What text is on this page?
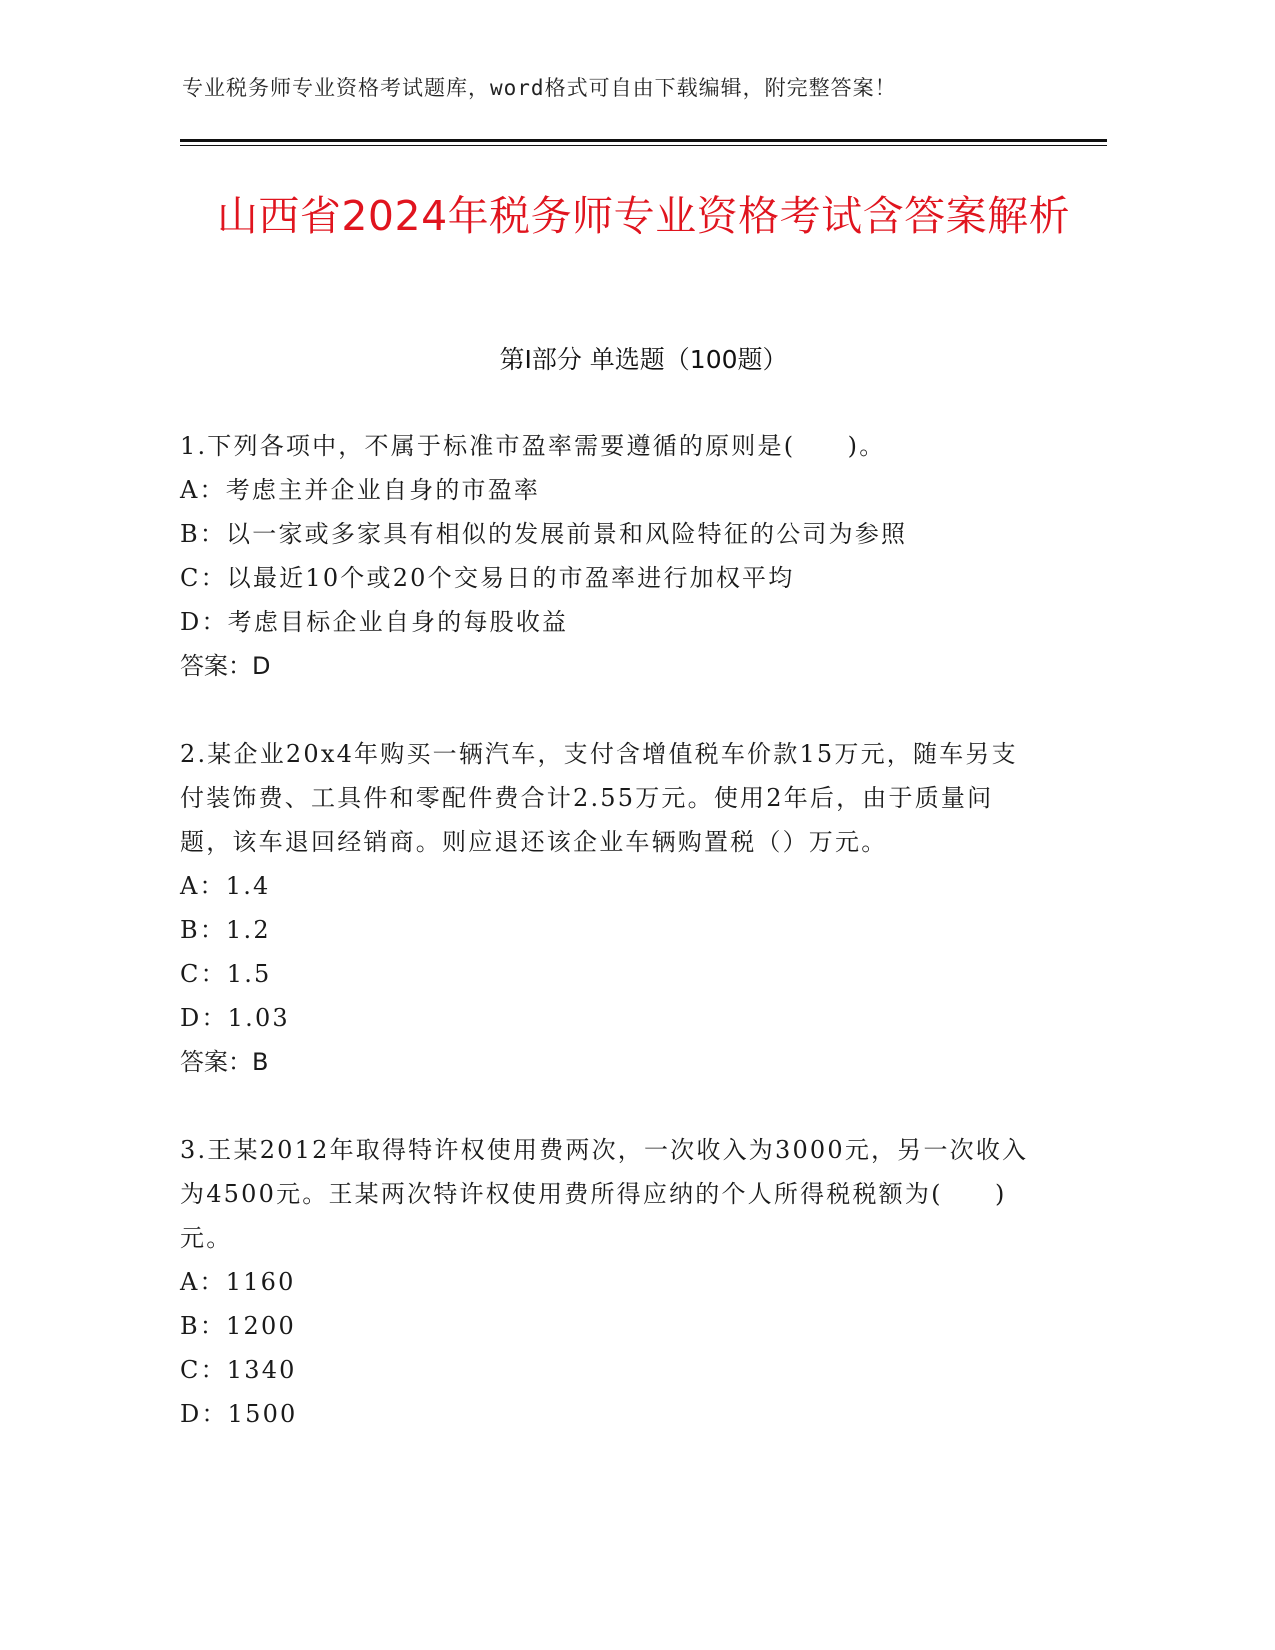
专业税务师专业资格考试题库，word格式可自由下载编辑，附完整答案！
山西省2024年税务师专业资格考试含答案解析
第Ⅰ部分 单选题（100题）

1.下列各项中，不属于标准市盈率需要遵循的原则是(　　)。

A：考虑主并企业自身的市盈率

B：以一家或多家具有相似的发展前景和风险特征的公司为参照

C：以最近10个或20个交易日的市盈率进行加权平均

D：考虑目标企业自身的每股收益

答案：D

2.某企业20x4年购买一辆汽车，支付含增值税车价款15万元，随车另支付装饰费、工具件和零配件费合计2.55万元。使用2年后，由于质量问题，该车退回经销商。则应退还该企业车辆购置税（）万元。

A：1.4

B：1.2

C：1.5

D：1.03

答案：B

3.王某2012年取得特许权使用费两次，一次收入为3000元，另一次收入为4500元。王某两次特许权使用费所得应纳的个人所得税税额为(　　)元。

A：1160

B：1200

C：1340

D：1500
